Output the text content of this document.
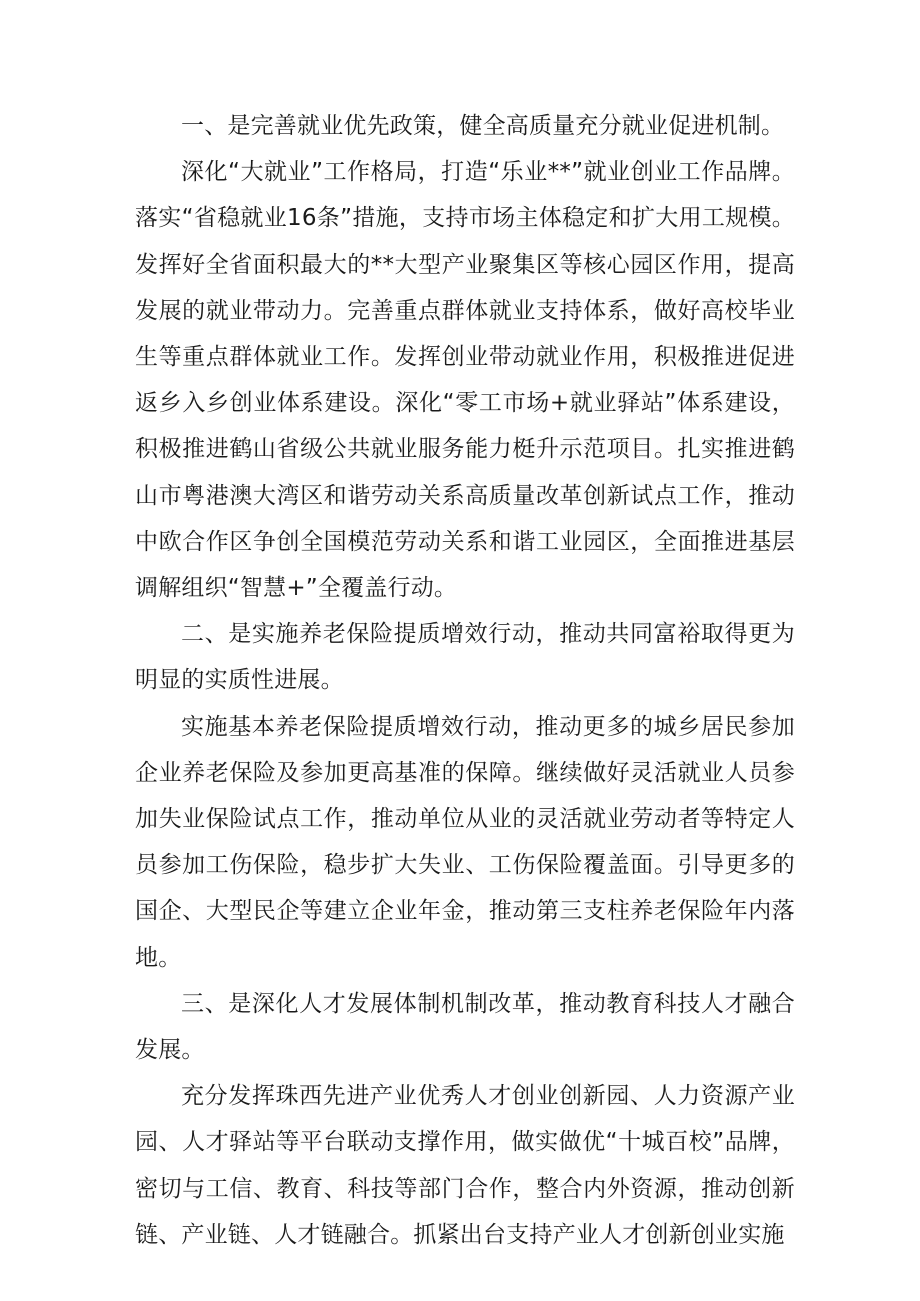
一、是完善就业优先政策，健全高质量充分就业促进机制。

深化“大就业”工作格局，打造“乐业**”就业创业工作品牌。落实“省稳就业16条”措施，支持市场主体稳定和扩大用工规模。发挥好全省面积最大的**大型产业聚集区等核心园区作用，提高发展的就业带动力。完善重点群体就业支持体系，做好高校毕业生等重点群体就业工作。发挥创业带动就业作用，积极推进促进返乡入乡创业体系建设。深化“零工市场+就业驿站”体系建设，积极推进鹤山省级公共就业服务能力梃升示范项目。扎实推进鹤山市粤港澳大湾区和谐劳动关系高质量改革创新试点工作，推动中欧合作区争创全国模范劳动关系和谐工业园区，全面推进基层调解组织“智慧+”全覆盖行动。

二、是实施养老保险提质增效行动，推动共同富裕取得更为明显的实质性进展。

实施基本养老保险提质增效行动，推动更多的城乡居民参加企业养老保险及参加更高基准的保障。继续做好灵活就业人员参加失业保险试点工作，推动单位从业的灵活就业劳动者等特定人员参加工伤保险，稳步扩大失业、工伤保险覆盖面。引导更多的国企、大型民企等建立企业年金，推动第三支柱养老保险年内落地。

三、是深化人才发展体制机制改革，推动教育科技人才融合发展。

充分发挥珠西先进产业优秀人才创业创新园、人力资源产业园、人才驿站等平台联动支撑作用，做实做优“十城百校”品牌，密切与工信、教育、科技等部门合作，整合内外资源，推动创新链、产业链、人才链融合。抓紧出台支持产业人才创新创业实施
